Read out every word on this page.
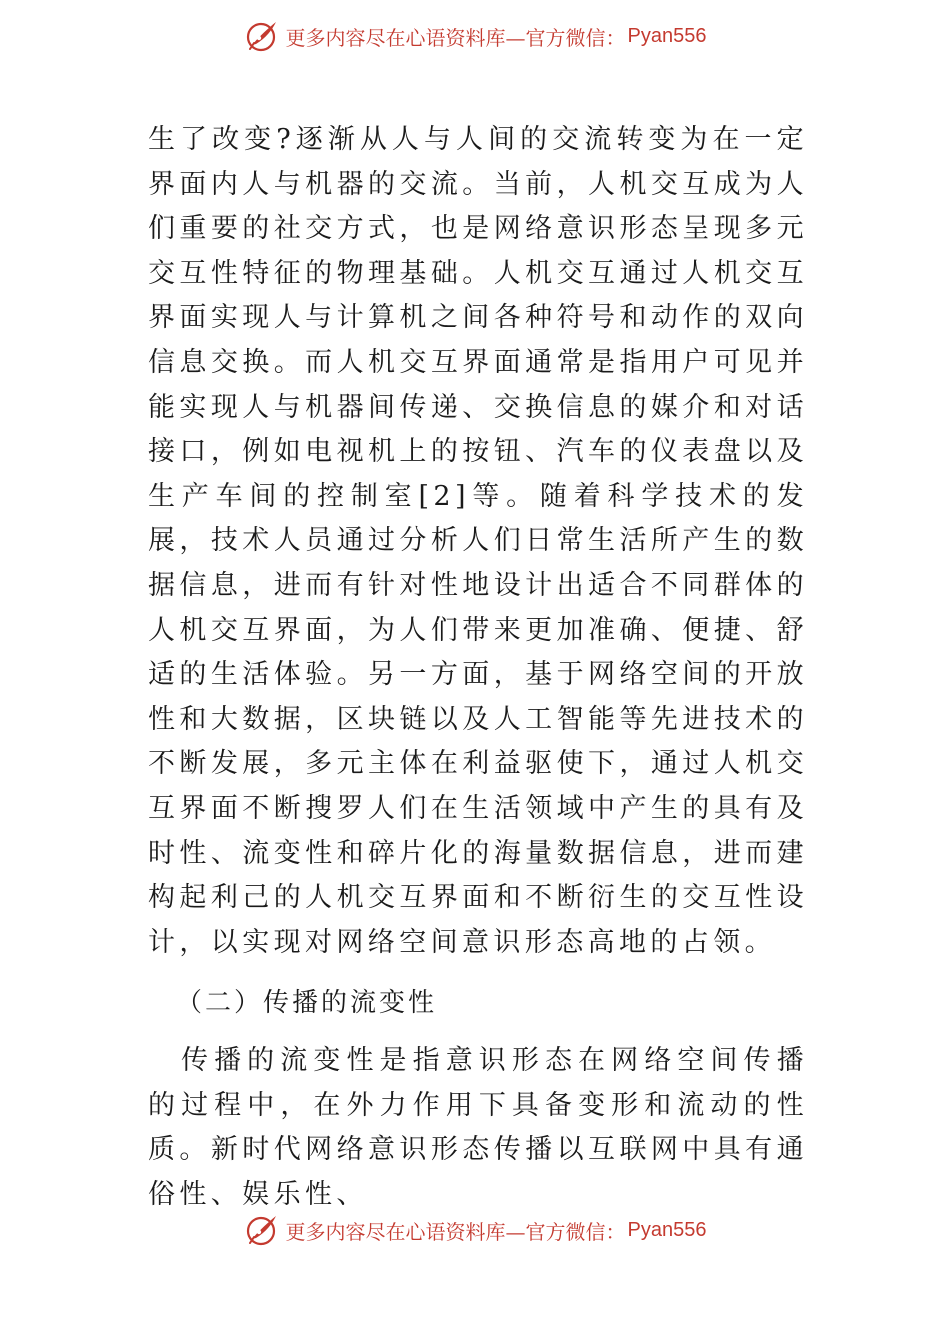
更多内容尽在心语资料库—官方微信： Pyan556

生了改变?逐渐从人与人间的交流转变为在一定界面内人与机器的交流。当前，人机交互成为人们重要的社交方式，也是网络意识形态呈现多元交互性特征的物理基础。人机交互通过人机交互界面实现人与计算机之间各种符号和动作的双向信息交换。而人机交互界面通常是指用户可见并能实现人与机器间传递、交换信息的媒介和对话接口，例如电视机上的按钮、汽车的仪表盘以及生产车间的控制室[2]等。随着科学技术的发展，技术人员通过分析人们日常生活所产生的数据信息，进而有针对性地设计出适合不同群体的人机交互界面，为人们带来更加准确、便捷、舒适的生活体验。另一方面，基于网络空间的开放性和大数据，区块链以及人工智能等先进技术的不断发展，多元主体在利益驱使下，通过人机交互界面不断搜罗人们在生活领域中产生的具有及时性、流变性和碎片化的海量数据信息，进而建构起利己的人机交互界面和不断衍生的交互性设计，以实现对网络空间意识形态高地的占领。

（二）传播的流变性

传播的流变性是指意识形态在网络空间传播的过程中，在外力作用下具备变形和流动的性质。新时代网络意识形态传播以互联网中具有通俗性、娱乐性、

更多内容尽在心语资料库—官方微信： Pyan556
